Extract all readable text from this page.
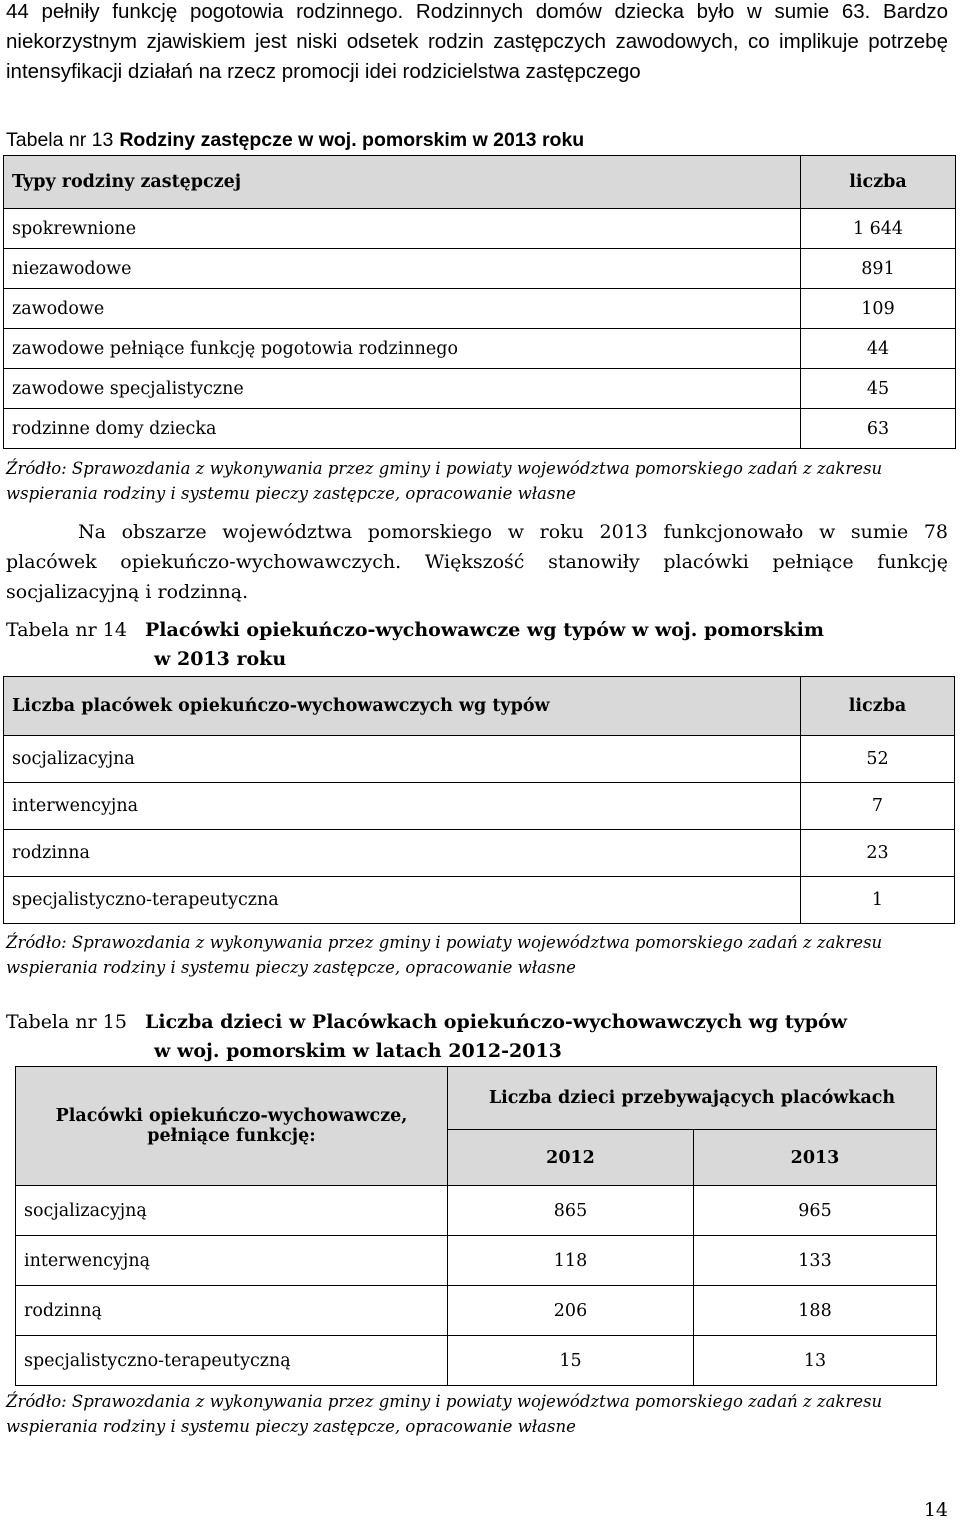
44 pełniły funkcję pogotowia rodzinnego. Rodzinnych domów dziecka było w sumie 63. Bardzo niekorzystnym zjawiskiem jest niski odsetek rodzin zastępczych zawodowych, co implikuje potrzebę intensyfikacji działań na rzecz promocji idei rodzicielstwa zastępczego
Tabela nr 13 Rodziny zastępcze w woj. pomorskim w 2013 roku
Typy rodziny zastępczej	liczba
spokrewnione	1 644
niezawodowe	891
zawodowe	109
zawodowe pełniące funkcję pogotowia rodzinnego	44
zawodowe specjalistyczne	45
rodzinne domy dziecka	63
Źródło: Sprawozdania z wykonywania przez gminy i powiaty województwa pomorskiego zadań z zakresu wspierania rodziny i systemu pieczy zastępcze, opracowanie własne
Na obszarze województwa pomorskiego w roku 2013 funkcjonowało w sumie 78 placówek opiekuńczo-wychowawczych. Większość stanowiły placówki pełniące funkcję socjalizacyjną i rodzinną.
Tabela nr 14 Placówki opiekuńczo-wychowawcze wg typów w woj. pomorskim
w 2013 roku
Liczba placówek opiekuńczo-wychowawczych wg typów	liczba
socjalizacyjna	52
interwencyjna	7
rodzinna	23
specjalistyczno-terapeutyczna	1
Źródło: Sprawozdania z wykonywania przez gminy i powiaty województwa pomorskiego zadań z zakresu wspierania rodziny i systemu pieczy zastępcze, opracowanie własne
Tabela nr 15 Liczba dzieci w Placówkach opiekuńczo-wychowawczych wg typów
w woj. pomorskim w latach 2012-2013
Placówki opiekuńczo-wychowawcze, pełniące funkcję:	Liczba dzieci przebywających placówkach	
	2012	2013
socjalizacyjną	865	965
interwencyjną	118	133
rodzinną	206	188
specjalistyczno-terapeutyczną	15	13
Źródło: Sprawozdania z wykonywania przez gminy i powiaty województwa pomorskiego zadań z zakresu wspierania rodziny i systemu pieczy zastępcze, opracowanie własne
14
